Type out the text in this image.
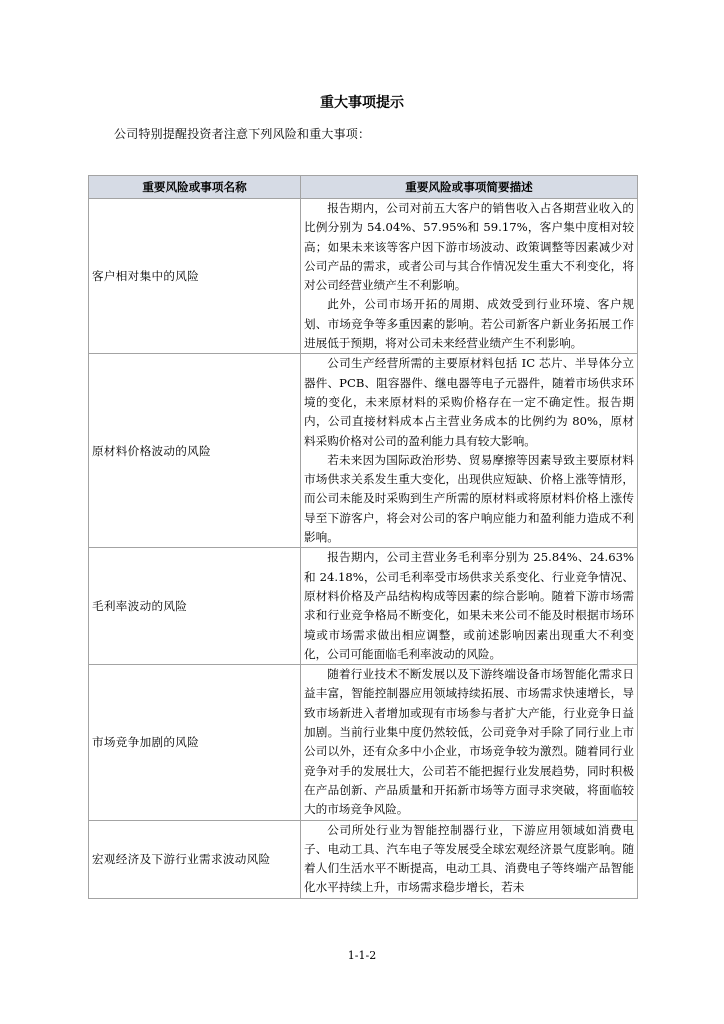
重大事项提示
公司特别提醒投资者注意下列风险和重大事项：
重要风险或事项名称	重要风险或事项简要描述
客户相对集中的风险	报告期内，公司对前五大客户的销售收入占各期营业收入的比例分别为 54.04%、57.95%和 59.17%，客户集中度相对较高；如果未来该等客户因下游市场波动、政策调整等因素减少对公司产品的需求，或者公司与其合作情况发生重大不利变化，将对公司经营业绩产生不利影响。

此外，公司市场开拓的周期、成效受到行业环境、客户规划、市场竞争等多重因素的影响。若公司新客户新业务拓展工作进展低于预期，将对公司未来经营业绩产生不利影响。

原材料价格波动的风险	公司生产经营所需的主要原材料包括 IC 芯片、半导体分立器件、PCB、阻容器件、继电器等电子元器件，随着市场供求环境的变化，未来原材料的采购价格存在一定不确定性。报告期内，公司直接材料成本占主营业务成本的比例约为 80%，原材料采购价格对公司的盈利能力具有较大影响。

若未来因为国际政治形势、贸易摩擦等因素导致主要原材料市场供求关系发生重大变化，出现供应短缺、价格上涨等情形，而公司未能及时采购到生产所需的原材料或将原材料价格上涨传导至下游客户，将会对公司的客户响应能力和盈利能力造成不利影响。

毛利率波动的风险	报告期内，公司主营业务毛利率分别为 25.84%、24.63%和 24.18%，公司毛利率受市场供求关系变化、行业竞争情况、原材料价格及产品结构构成等因素的综合影响。随着下游市场需求和行业竞争格局不断变化，如果未来公司不能及时根据市场环境或市场需求做出相应调整，或前述影响因素出现重大不利变化，公司可能面临毛利率波动的风险。

市场竞争加剧的风险	随着行业技术不断发展以及下游终端设备市场智能化需求日益丰富，智能控制器应用领域持续拓展、市场需求快速增长，导致市场新进入者增加或现有市场参与者扩大产能，行业竞争日益加剧。当前行业集中度仍然较低，公司竞争对手除了同行业上市公司以外，还有众多中小企业，市场竞争较为激烈。随着同行业竞争对手的发展壮大，公司若不能把握行业发展趋势，同时积极在产品创新、产品质量和开拓新市场等方面寻求突破，将面临较大的市场竞争风险。

宏观经济及下游行业需求波动风险	公司所处行业为智能控制器行业，下游应用领域如消费电子、电动工具、汽车电子等发展受全球宏观经济景气度影响。随着人们生活水平不断提高，电动工具、消费电子等终端产品智能化水平持续上升，市场需求稳步增长，若未

1-1-2
